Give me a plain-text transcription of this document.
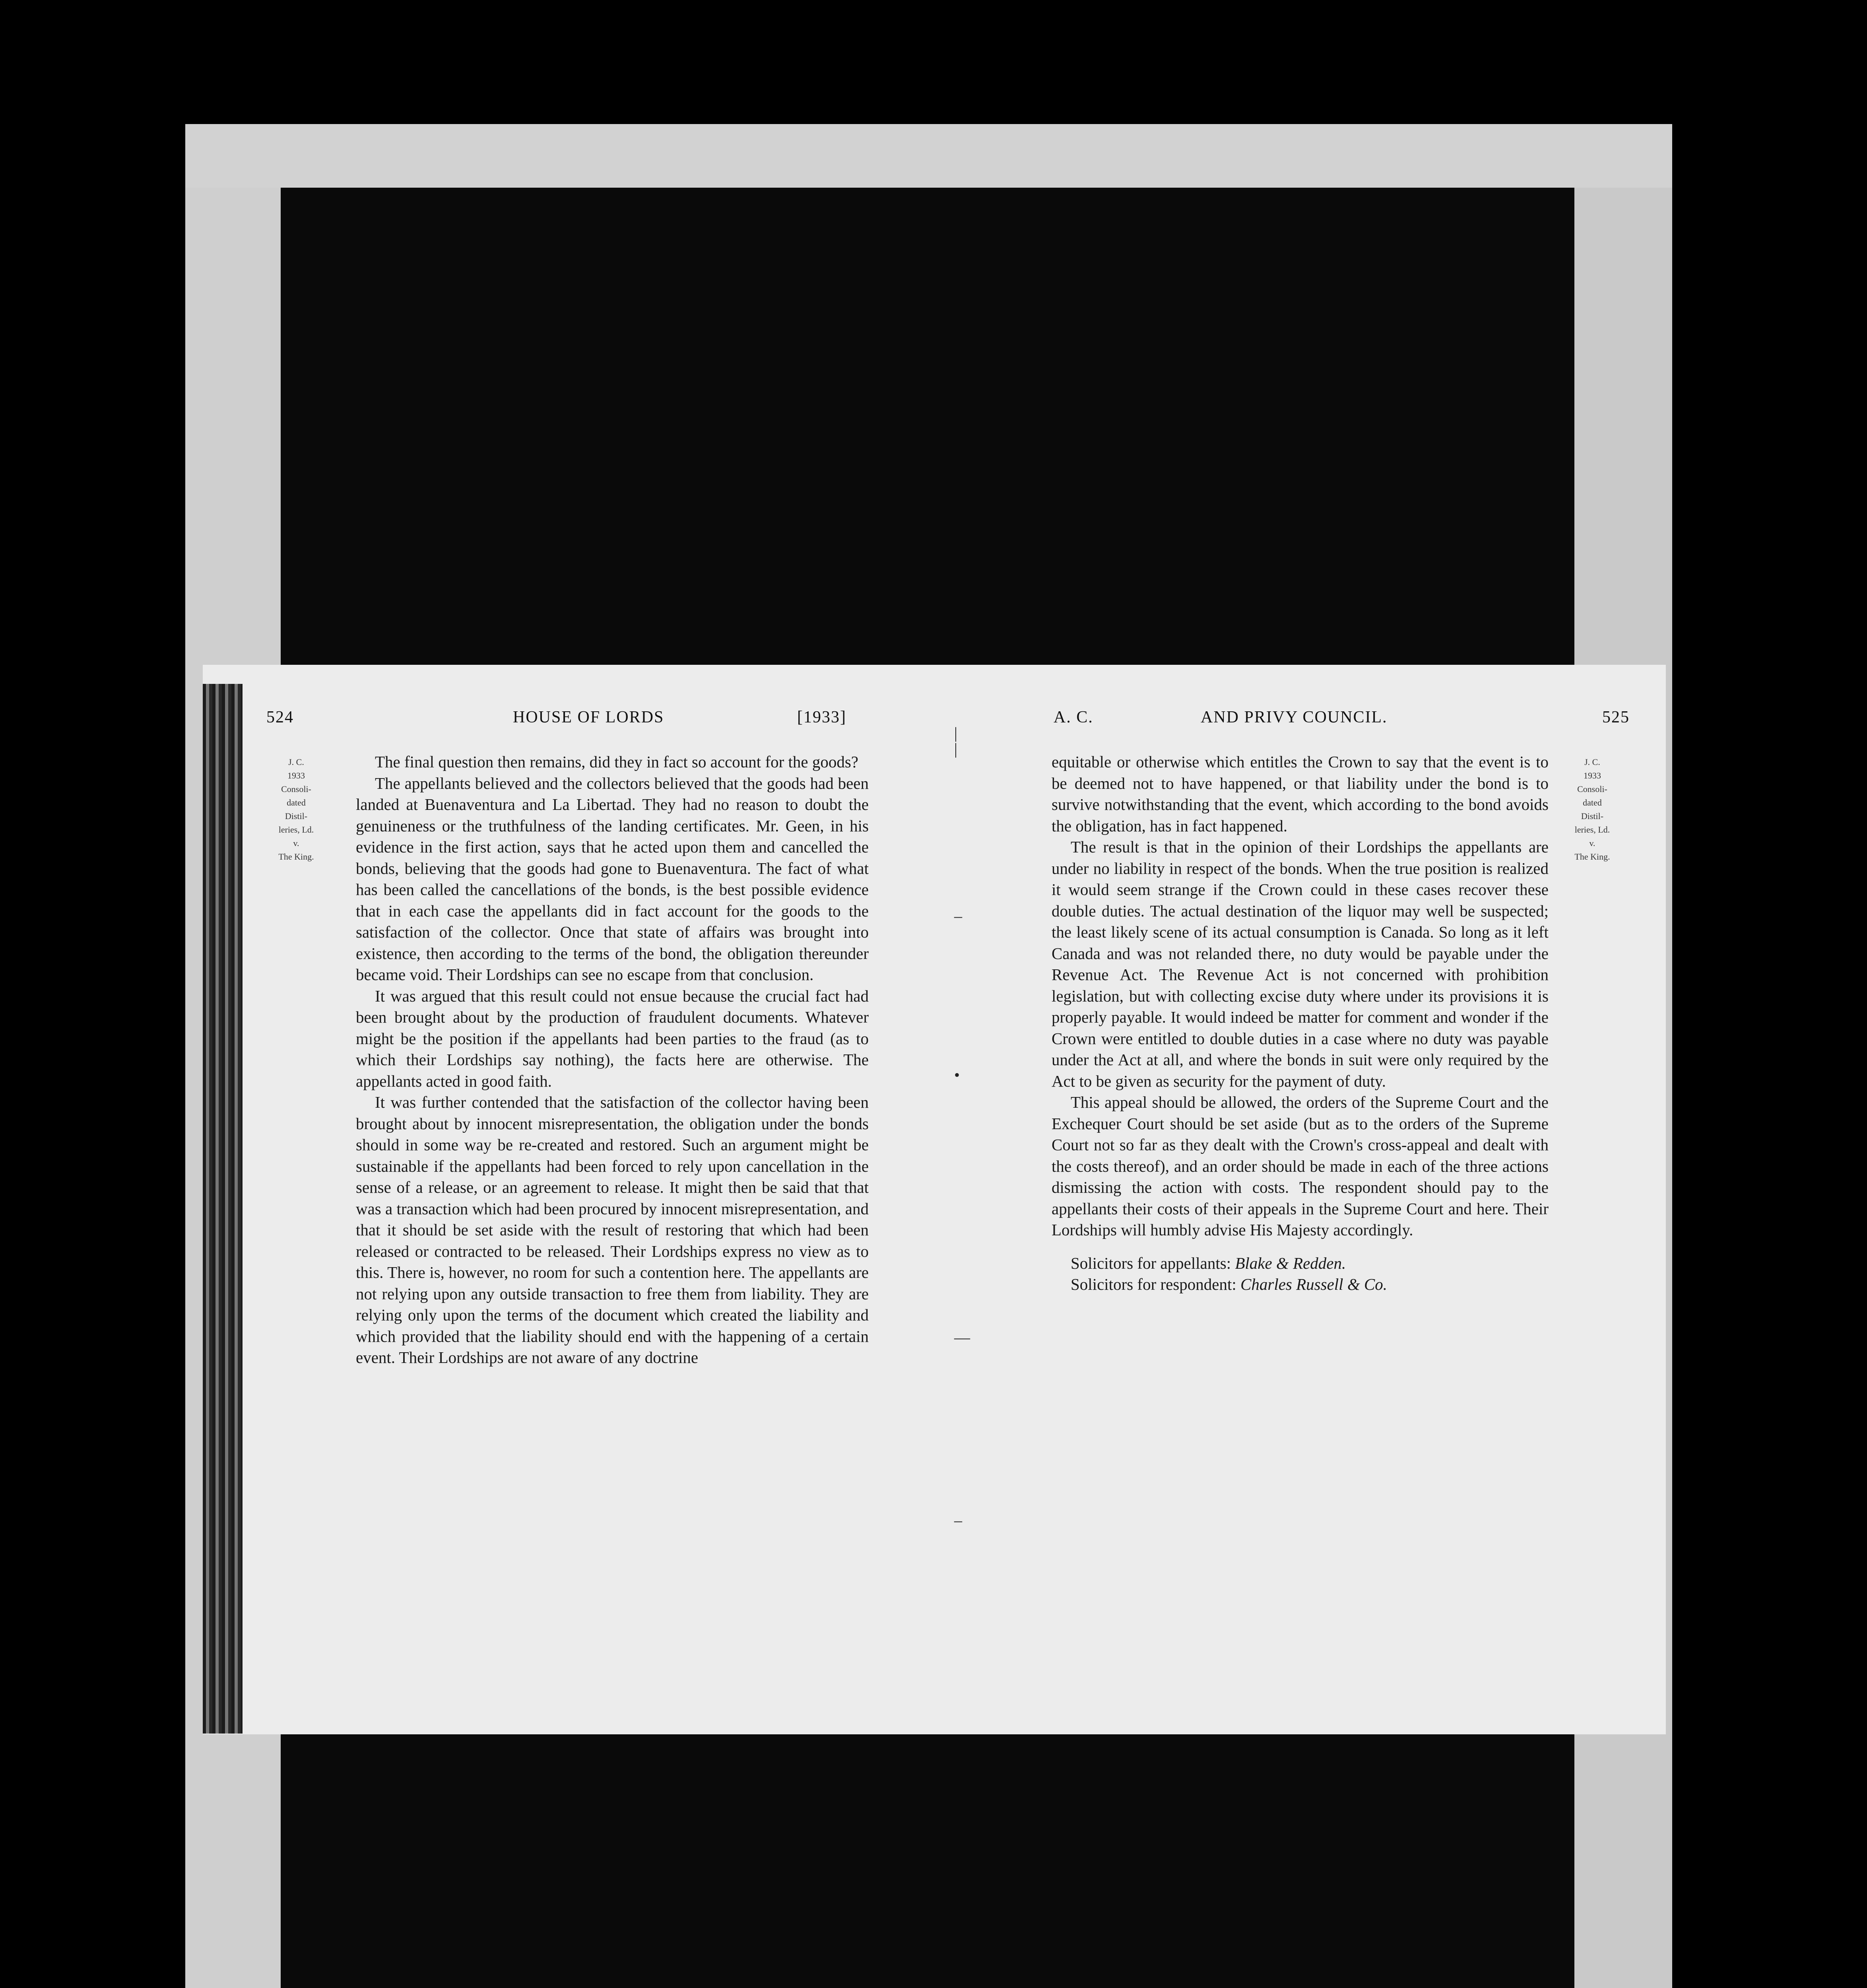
|
|
–
•
—
–
524	HOUSE OF LORDS	[1933]
J. C.
1933
Consoli-
dated
Distil-
leries, Ld.
v.
The King.

The final question then remains, did they in fact so account for the goods?

The appellants believed and the collectors believed that the goods had been landed at Buenaventura and La Libertad. They had no reason to doubt the genuineness or the truthfulness of the landing certificates. Mr. Geen, in his evidence in the first action, says that he acted upon them and cancelled the bonds, believing that the goods had gone to Buenaventura. The fact of what has been called the cancellations of the bonds, is the best possible evidence that in each case the appellants did in fact account for the goods to the satisfaction of the collector. Once that state of affairs was brought into existence, then according to the terms of the bond, the obligation thereunder became void. Their Lordships can see no escape from that conclusion.

It was argued that this result could not ensue because the crucial fact had been brought about by the production of fraudulent documents. Whatever might be the position if the appellants had been parties to the fraud (as to which their Lordships say nothing), the facts here are otherwise. The appellants acted in good faith.

It was further contended that the satisfaction of the collector having been brought about by innocent misrepresentation, the obligation under the bonds should in some way be re-created and restored. Such an argument might be sustainable if the appellants had been forced to rely upon cancellation in the sense of a release, or an agreement to release. It might then be said that that was a transaction which had been procured by innocent misrepresentation, and that it should be set aside with the result of restoring that which had been released or contracted to be released. Their Lordships express no view as to this. There is, however, no room for such a contention here. The appellants are not relying upon any outside transaction to free them from liability. They are relying only upon the terms of the document which created the liability and which provided that the liability should end with the happening of a certain event. Their Lordships are not aware of any doctrine

A. C.	AND PRIVY COUNCIL.	525
J. C.
1933
Consoli-
dated
Distil-
leries, Ld.
v.
The King.

equitable or otherwise which entitles the Crown to say that the event is to be deemed not to have happened, or that liability under the bond is to survive notwithstanding that the event, which according to the bond avoids the obligation, has in fact happened.

The result is that in the opinion of their Lordships the appellants are under no liability in respect of the bonds. When the true position is realized it would seem strange if the Crown could in these cases recover these double duties. The actual destination of the liquor may well be suspected; the least likely scene of its actual consumption is Canada. So long as it left Canada and was not relanded there, no duty would be payable under the Revenue Act. The Revenue Act is not concerned with prohibition legislation, but with collecting excise duty where under its provisions it is properly payable. It would indeed be matter for comment and wonder if the Crown were entitled to double duties in a case where no duty was payable under the Act at all, and where the bonds in suit were only required by the Act to be given as security for the payment of duty.

This appeal should be allowed, the orders of the Supreme Court and the Exchequer Court should be set aside (but as to the orders of the Supreme Court not so far as they dealt with the Crown's cross-appeal and dealt with the costs thereof), and an order should be made in each of the three actions dismissing the action with costs. The respondent should pay to the appellants their costs of their appeals in the Supreme Court and here. Their Lordships will humbly advise His Majesty accordingly.

Solicitors for appellants: Blake & Redden.

Solicitors for respondent: Charles Russell & Co.
